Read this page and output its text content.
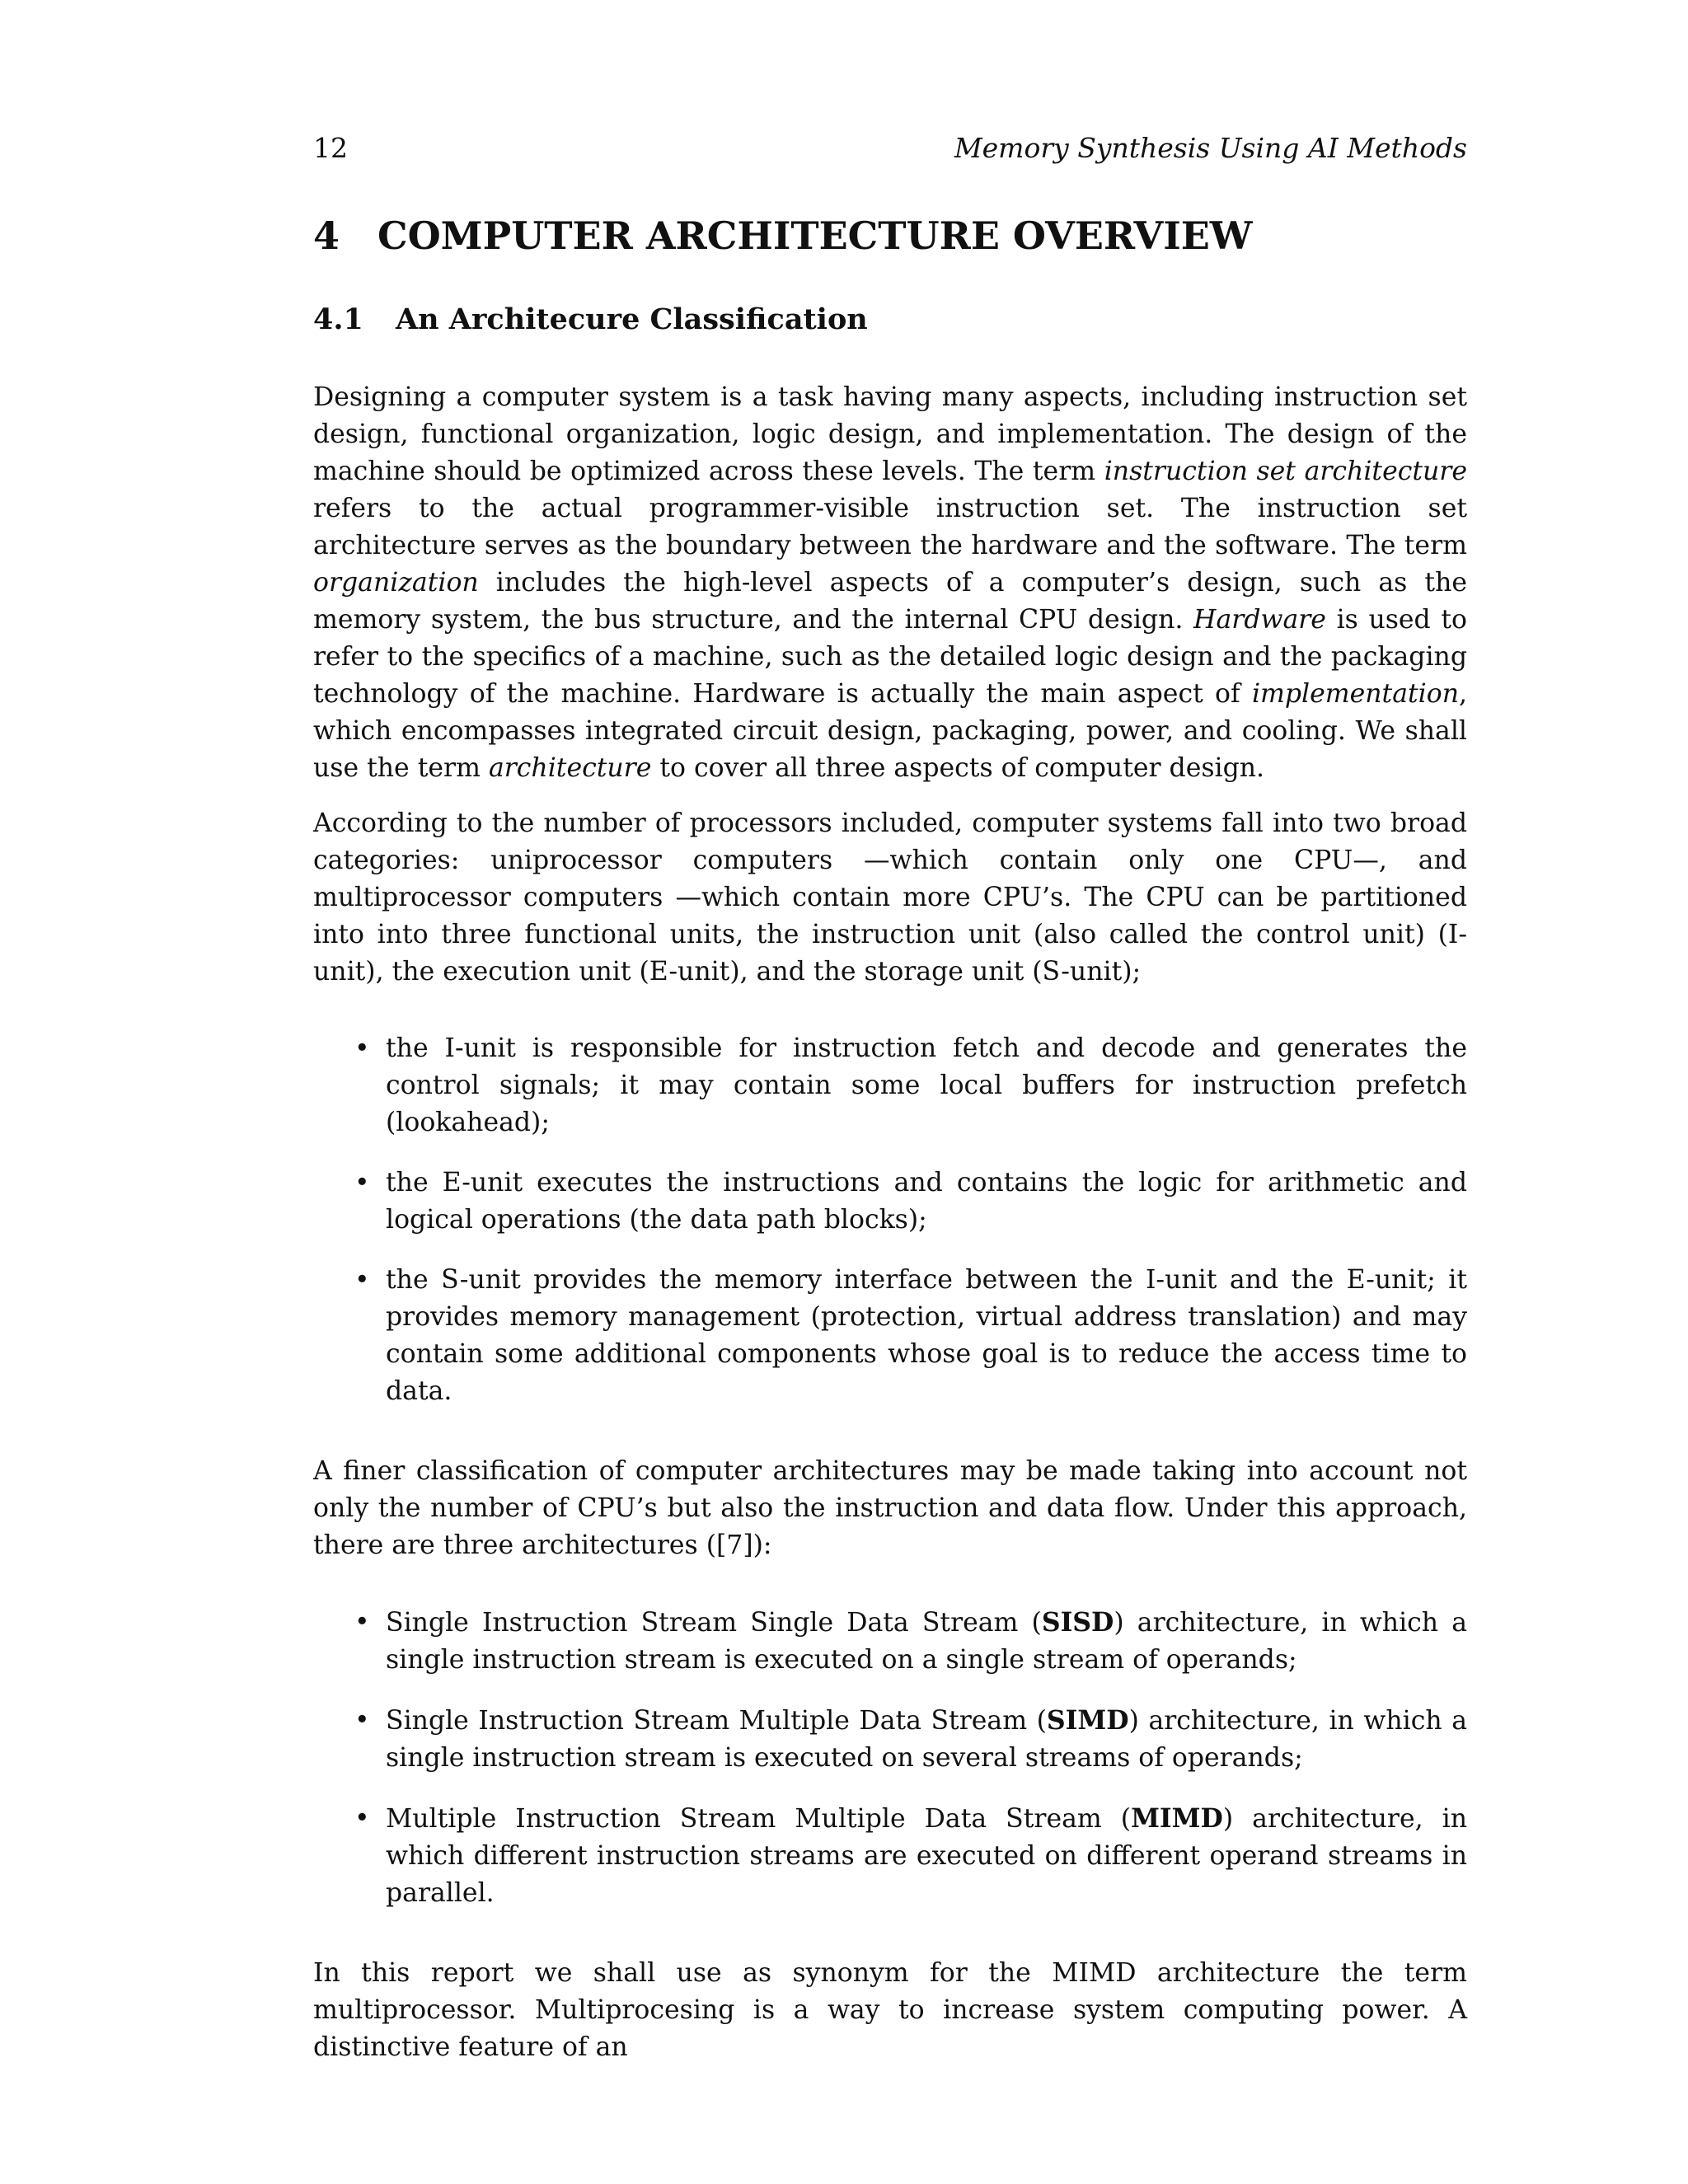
12	Memory Synthesis Using AI Methods
4 COMPUTER ARCHITECTURE OVERVIEW
4.1	An Architecure Classification

Designing a computer system is a task having many aspects, including instruction set design, functional organization, logic design, and implementation. The design of the machine should be optimized across these levels. The term instruction set architecture refers to the actual programmer-visible instruction set. The instruction set architecture serves as the boundary between the hardware and the software. The term organization includes the high-level aspects of a computer’s design, such as the memory system, the bus structure, and the internal CPU design. Hardware is used to refer to the specifics of a machine, such as the detailed logic design and the packaging technology of the machine. Hardware is actually the main aspect of implementation, which encompasses integrated circuit design, packaging, power, and cooling. We shall use the term architecture to cover all three aspects of computer design.

According to the number of processors included, computer systems fall into two broad categories: uniprocessor computers —which contain only one CPU—, and multiprocessor computers —which contain more CPU’s. The CPU can be partitioned into into three functional units, the instruction unit (also called the control unit) (I-unit), the execution unit (E-unit), and the storage unit (S-unit);

• the I-unit is responsible for instruction fetch and decode and generates the control signals; it may contain some local buffers for instruction prefetch (lookahead);
• the E-unit executes the instructions and contains the logic for arithmetic and logical operations (the data path blocks);
• the S-unit provides the memory interface between the I-unit and the E-unit; it provides memory management (protection, virtual address translation) and may contain some additional components whose goal is to reduce the access time to data.

A finer classification of computer architectures may be made taking into account not only the number of CPU’s but also the instruction and data flow. Under this approach, there are three architectures ([7]):

• Single Instruction Stream Single Data Stream (SISD) architecture, in which a single instruction stream is executed on a single stream of operands;
• Single Instruction Stream Multiple Data Stream (SIMD) architecture, in which a single instruction stream is executed on several streams of operands;
• Multiple Instruction Stream Multiple Data Stream (MIMD) architecture, in which different instruction streams are executed on different operand streams in parallel.

In this report we shall use as synonym for the MIMD architecture the term multiprocessor. Multiprocesing is a way to increase system computing power. A distinctive feature of an
